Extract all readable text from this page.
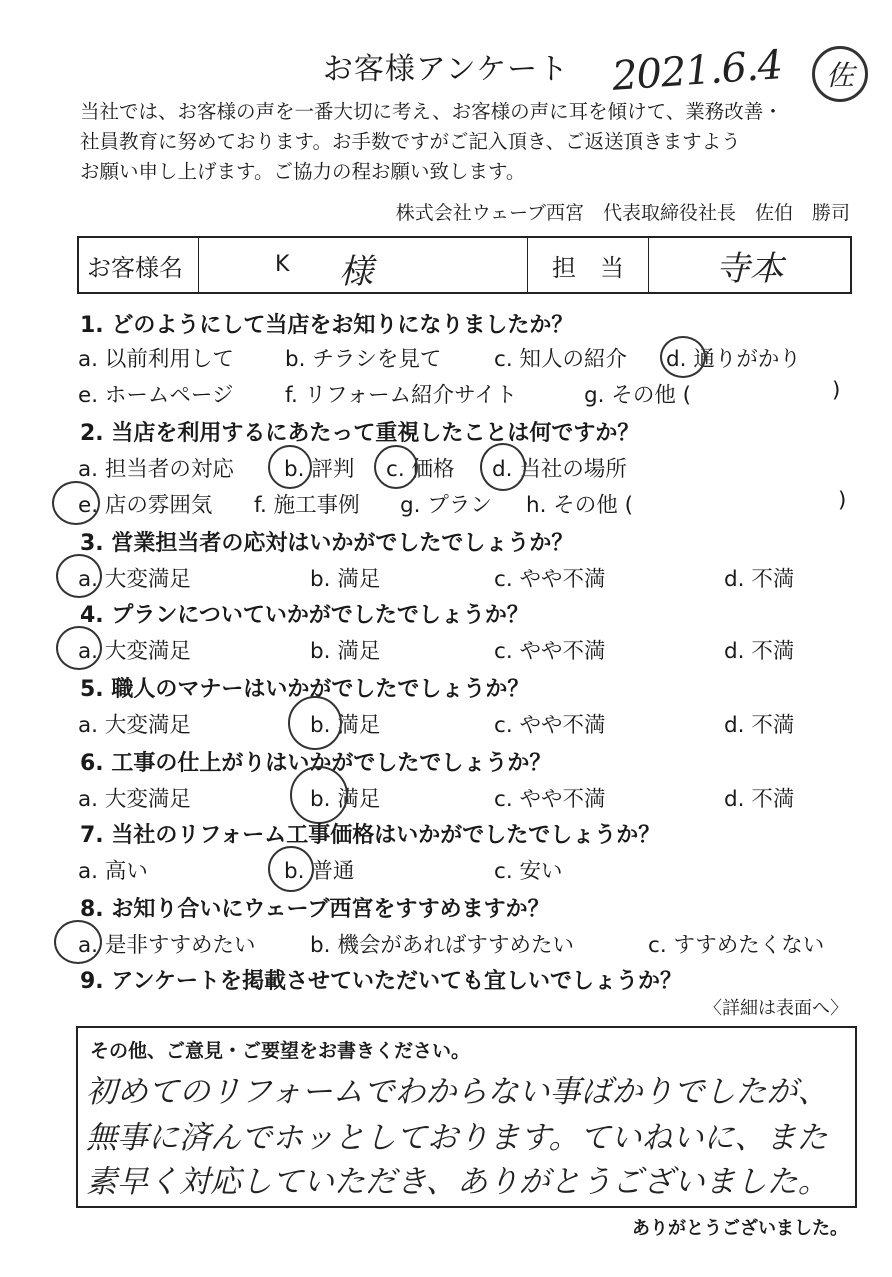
お客様アンケート	2021.6.4	佐
当社では、お客様の声を一番大切に考え、お客様の声に耳を傾けて、業務改善・
社員教育に努めております。お手数ですがご記入頂き、ご返送頂きますよう
お願い申し上げます。ご協力の程お願い致します。
株式会社ウェーブ西宮　代表取締役社長　佐伯　勝司
お客様名	K 様	担　当	寺本
1. どのようにして当店をお知りになりましたか？
a. 以前利用して b. チラシを見て c. 知人の紹介 d. 通りがかり
e. ホームページ f. リフォーム紹介サイト	g. その他 (	)
2. 当店を利用するにあたって重視したことは何ですか？
a. 担当者の対応 b. 評判 c. 価格 d. 当社の場所
e. 店の雰囲気 f. 施工事例 g. プラン h. その他 (	)
3. 営業担当者の応対はいかがでしたでしょうか？
a. 大変満足	b. 満足	c. やや不満	d. 不満
4. プランについていかがでしたでしょうか？
a. 大変満足	b. 満足	c. やや不満	d. 不満
5. 職人のマナーはいかがでしたでしょうか？
a. 大変満足	b. 満足	c. やや不満	d. 不満
6. 工事の仕上がりはいかがでしたでしょうか？
a. 大変満足	b. 満足	c. やや不満	d. 不満
7. 当社のリフォーム工事価格はいかがでしたでしょうか？
a. 高い	b. 普通	c. 安い
8. お知り合いにウェーブ西宮をすすめますか？
a. 是非すすめたい	b. 機会があればすすめたい	c. すすめたくない
9. アンケートを掲載させていただいても宜しいでしょうか？
〈詳細は表面へ〉
その他、ご意見・ご要望をお書きください。
初めてのリフォームでわからない事ばかりでしたが、
無事に済んでホッとしております。ていねいに、また
素早く対応していただき、ありがとうございました。
ありがとうございました。
